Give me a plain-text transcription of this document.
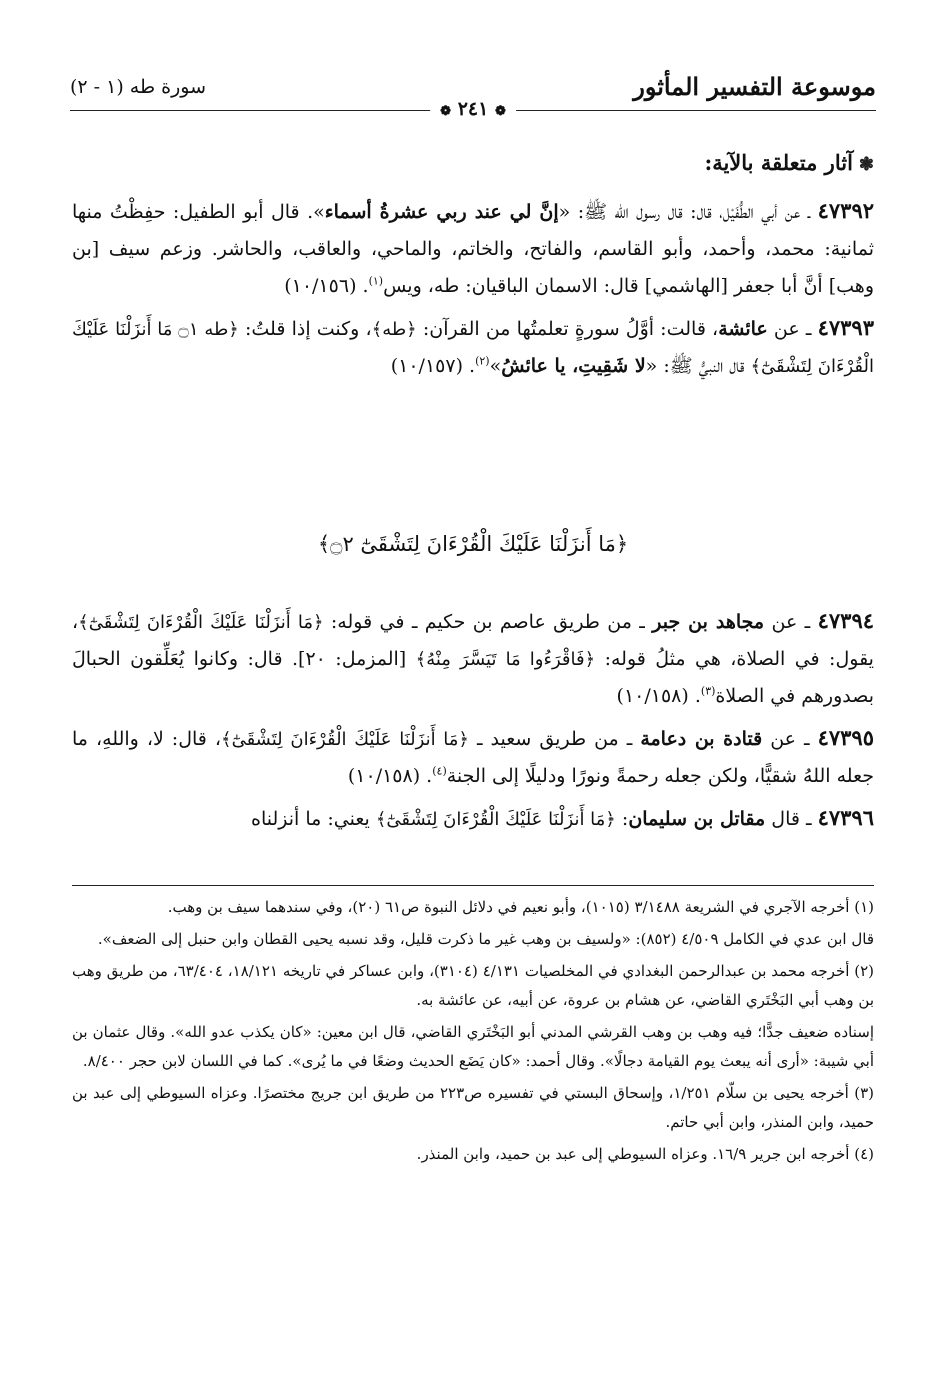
موسوعة التفسير المأثور
سورة طه (١ - ٢)
❁ ٢٤١ ❁
❃آثار متعلقة بالآية:

٤٧٣٩٢ ـ عن أبي الطُّفَيْل، قال: قال رسول الله ﷺ: «إنَّ لي عند ربي عشرةُ أسماء». قال أبو الطفيل: حفِظْتُ منها ثمانية: محمد، وأحمد، وأبو القاسم، والفاتح، والخاتم، والماحي، والعاقب، والحاشر. وزعم سيف [بن وهب] أنَّ أبا جعفر [الهاشمي] قال: الاسمان الباقيان: طه، ويس$^{(١)}$. (١٠/١٥٦)

٤٧٣٩٣ ـ عن عائشة، قالت: أوَّلُ سورةٍ تعلمتُها من القرآن: ﴿طه﴾، وكنت إذا قلتُ: ﴿طه ۝١ مَا أَنزَلْنَا عَلَيْكَ الْقُرْءَانَ لِتَشْقَىٰٓ﴾ قال النبيُّ ﷺ: «لا شَقِيتِ، يا عائشُ»$^{(٢)}$. (١٠/١٥٧)

﴿مَا أَنزَلْنَا عَلَيْكَ الْقُرْءَانَ لِتَشْقَىٰٓ ۝٢﴾

٤٧٣٩٤ ـ عن مجاهد بن جبر ـ من طريق عاصم بن حكيم ـ في قوله: ﴿مَا أَنزَلْنَا عَلَيْكَ الْقُرْءَانَ لِتَشْقَىٰٓ﴾، يقول: في الصلاة، هي مثلُ قوله: ﴿فَاقْرَءُوا مَا تَيَسَّرَ مِنْهُ﴾ [المزمل: ٢٠]. قال: وكانوا يُعَلِّقون الحبالَ بصدورهم في الصلاة$^{(٣)}$. (١٠/١٥٨)

٤٧٣٩٥ ـ عن قتادة بن دعامة ـ من طريق سعيد ـ ﴿مَا أَنزَلْنَا عَلَيْكَ الْقُرْءَانَ لِتَشْقَىٰٓ﴾، قال: لا، واللهِ، ما جعله اللهُ شقيًّا، ولكن جعله رحمةً ونورًا ودليلًا إلى الجنة$^{(٤)}$. (١٠/١٥٨)

٤٧٣٩٦ ـ قال مقاتل بن سليمان: ﴿مَا أَنزَلْنَا عَلَيْكَ الْقُرْءَانَ لِتَشْقَىٰٓ﴾ يعني: ما أنزلناه

(١) أخرجه الآجري في الشريعة ٣/١٤٨٨ (١٠١٥)، وأبو نعيم في دلائل النبوة ص٦١ (٢٠)، وفي سندهما سيف بن وهب.

قال ابن عدي في الكامل ٤/٥٠٩ (٨٥٢): «ولسيف بن وهب غير ما ذكرت قليل، وقد نسبه يحيى القطان وابن حنبل إلى الضعف».

(٢) أخرجه محمد بن عبدالرحمن البغدادي في المخلصيات ٤/١٣١ (٣١٠٤)، وابن عساكر في تاريخه ١٨/١٢١، ٦٣/٤٠٤، من طريق وهب بن وهب أبي البَخْتَري القاضي، عن هشام بن عروة، عن أبيه، عن عائشة به.

إسناده ضعيف جدًّا؛ فيه وهب بن وهب القرشي المدني أبو البَخْتَري القاضي، قال ابن معين: «كان يكذب عدو الله». وقال عثمان بن أبي شيبة: «أرى أنه يبعث يوم القيامة دجالًا». وقال أحمد: «كان يَضَع الحديث وضعًا في ما يُرى». كما في اللسان لابن حجر ٨/٤٠٠.

(٣) أخرجه يحيى بن سلّام ١/٢٥١، وإسحاق البستي في تفسيره ص٢٢٣ من طريق ابن جريج مختصرًا. وعزاه السيوطي إلى عبد بن حميد، وابن المنذر، وابن أبي حاتم.

(٤) أخرجه ابن جرير ١٦/٩. وعزاه السيوطي إلى عبد بن حميد، وابن المنذر.
